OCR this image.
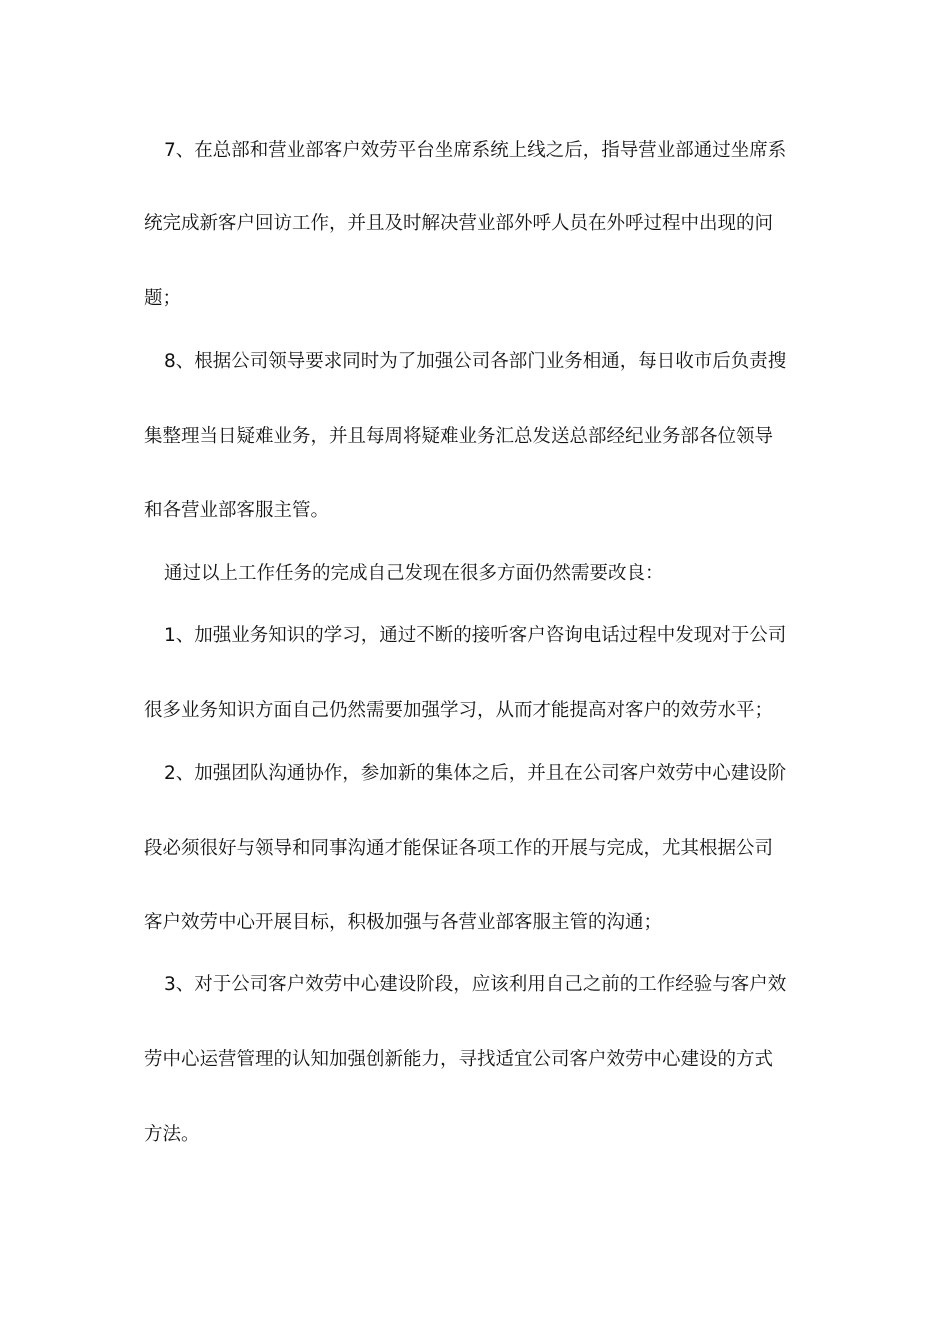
7、在总部和营业部客户效劳平台坐席系统上线之后，指导营业部通过坐席系
统完成新客户回访工作，并且及时解决营业部外呼人员在外呼过程中出现的问
题；
8、根据公司领导要求同时为了加强公司各部门业务相通，每日收市后负责搜
集整理当日疑难业务，并且每周将疑难业务汇总发送总部经纪业务部各位领导
和各营业部客服主管。
通过以上工作任务的完成自己发现在很多方面仍然需要改良：
1、加强业务知识的学习，通过不断的接听客户咨询电话过程中发现对于公司
很多业务知识方面自己仍然需要加强学习，从而才能提高对客户的效劳水平；
2、加强团队沟通协作，参加新的集体之后，并且在公司客户效劳中心建设阶
段必须很好与领导和同事沟通才能保证各项工作的开展与完成，尤其根据公司
客户效劳中心开展目标，积极加强与各营业部客服主管的沟通；
3、对于公司客户效劳中心建设阶段，应该利用自己之前的工作经验与客户效
劳中心运营管理的认知加强创新能力，寻找适宜公司客户效劳中心建设的方式
方法。
